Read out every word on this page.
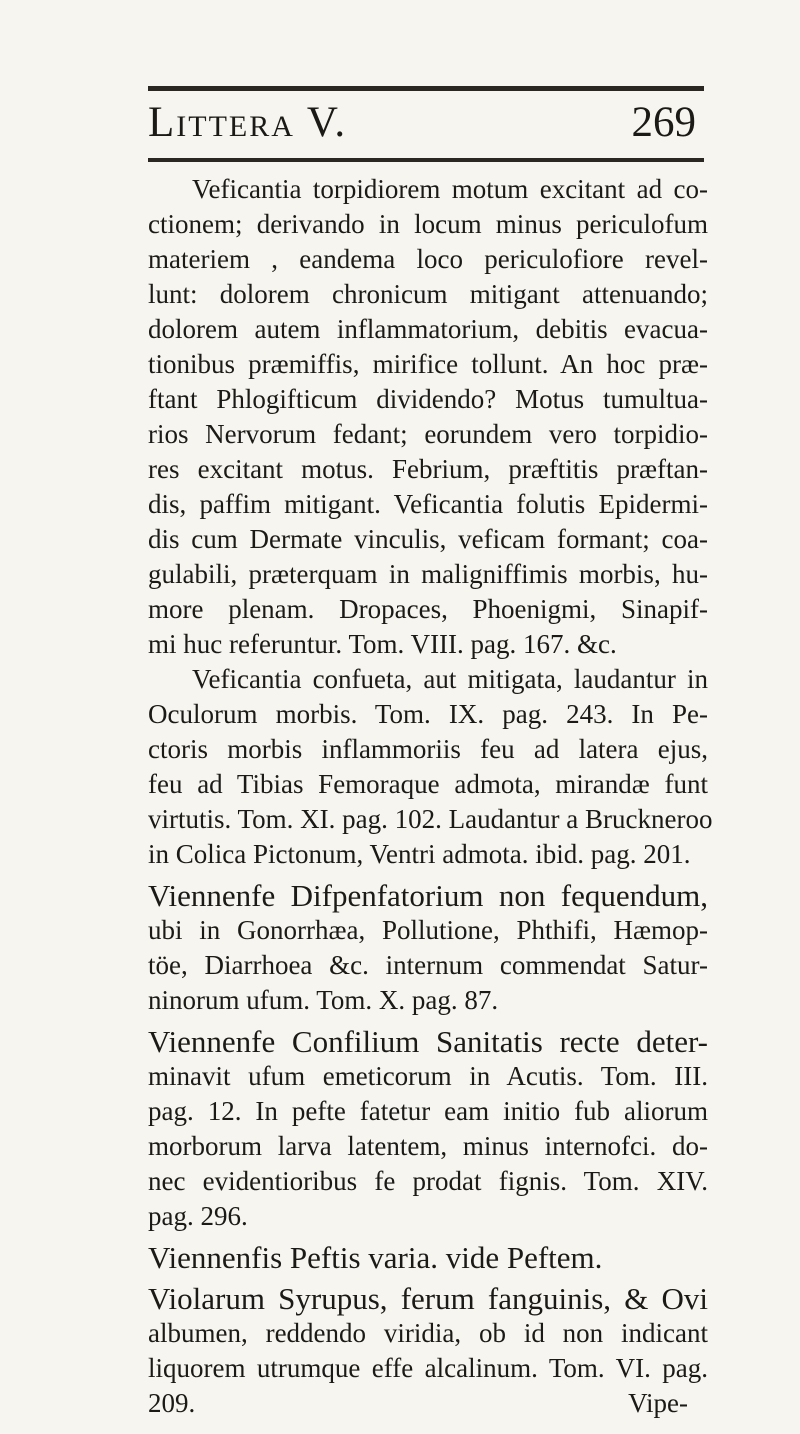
Littera V.	269
Veficantia torpidiorem motum excitant ad co-
ctionem; derivando in locum minus periculofum
materiem , eandema loco periculofiore revel-
lunt: dolorem chronicum mitigant attenuando;
dolorem autem inflammatorium, debitis evacua-
tionibus præmiffis, mirifice tollunt. An hoc præ-
ftant Phlogifticum dividendo? Motus tumultua-
rios Nervorum fedant; eorundem vero torpidio-
res excitant motus. Febrium, præftitis præftan-
dis, paffim mitigant. Veficantia folutis Epidermi-
dis cum Dermate vinculis, veficam formant; coa-
gulabili, præterquam in maligniffimis morbis, hu-
more plenam. Dropaces, Phoenigmi, Sinapif-
mi huc referuntur. Tom. VIII. pag. 167. &c.
Veficantia confueta, aut mitigata, laudantur in
Oculorum morbis. Tom. IX. pag. 243. In Pe-
ctoris morbis inflammoriis feu ad latera ejus,
feu ad Tibias Femoraque admota, mirandæ funt
virtutis. Tom. XI. pag. 102. Laudantur a Bruckneroo
in Colica Pictonum, Ventri admota. ibid. pag. 201.
Viennenfe Difpenfatorium non fequendum,
ubi in Gonorrhæa, Pollutione, Phthifi, Hæmop-
töe, Diarrhoea &c. internum commendat Satur-
ninorum ufum. Tom. X. pag. 87.
Viennenfe Confilium Sanitatis recte deter-
minavit ufum emeticorum in Acutis. Tom. III.
pag. 12. In pefte fatetur eam initio fub aliorum
morborum larva latentem, minus internofci. do-
nec evidentioribus fe prodat fignis. Tom. XIV.
pag. 296.
Viennenfis Peftis varia. vide Peftem.
Violarum Syrupus, ferum fanguinis, & Ovi
albumen, reddendo viridia, ob id non indicant
liquorem utrumque effe alcalinum. Tom. VI. pag.
209.	Vipe-
